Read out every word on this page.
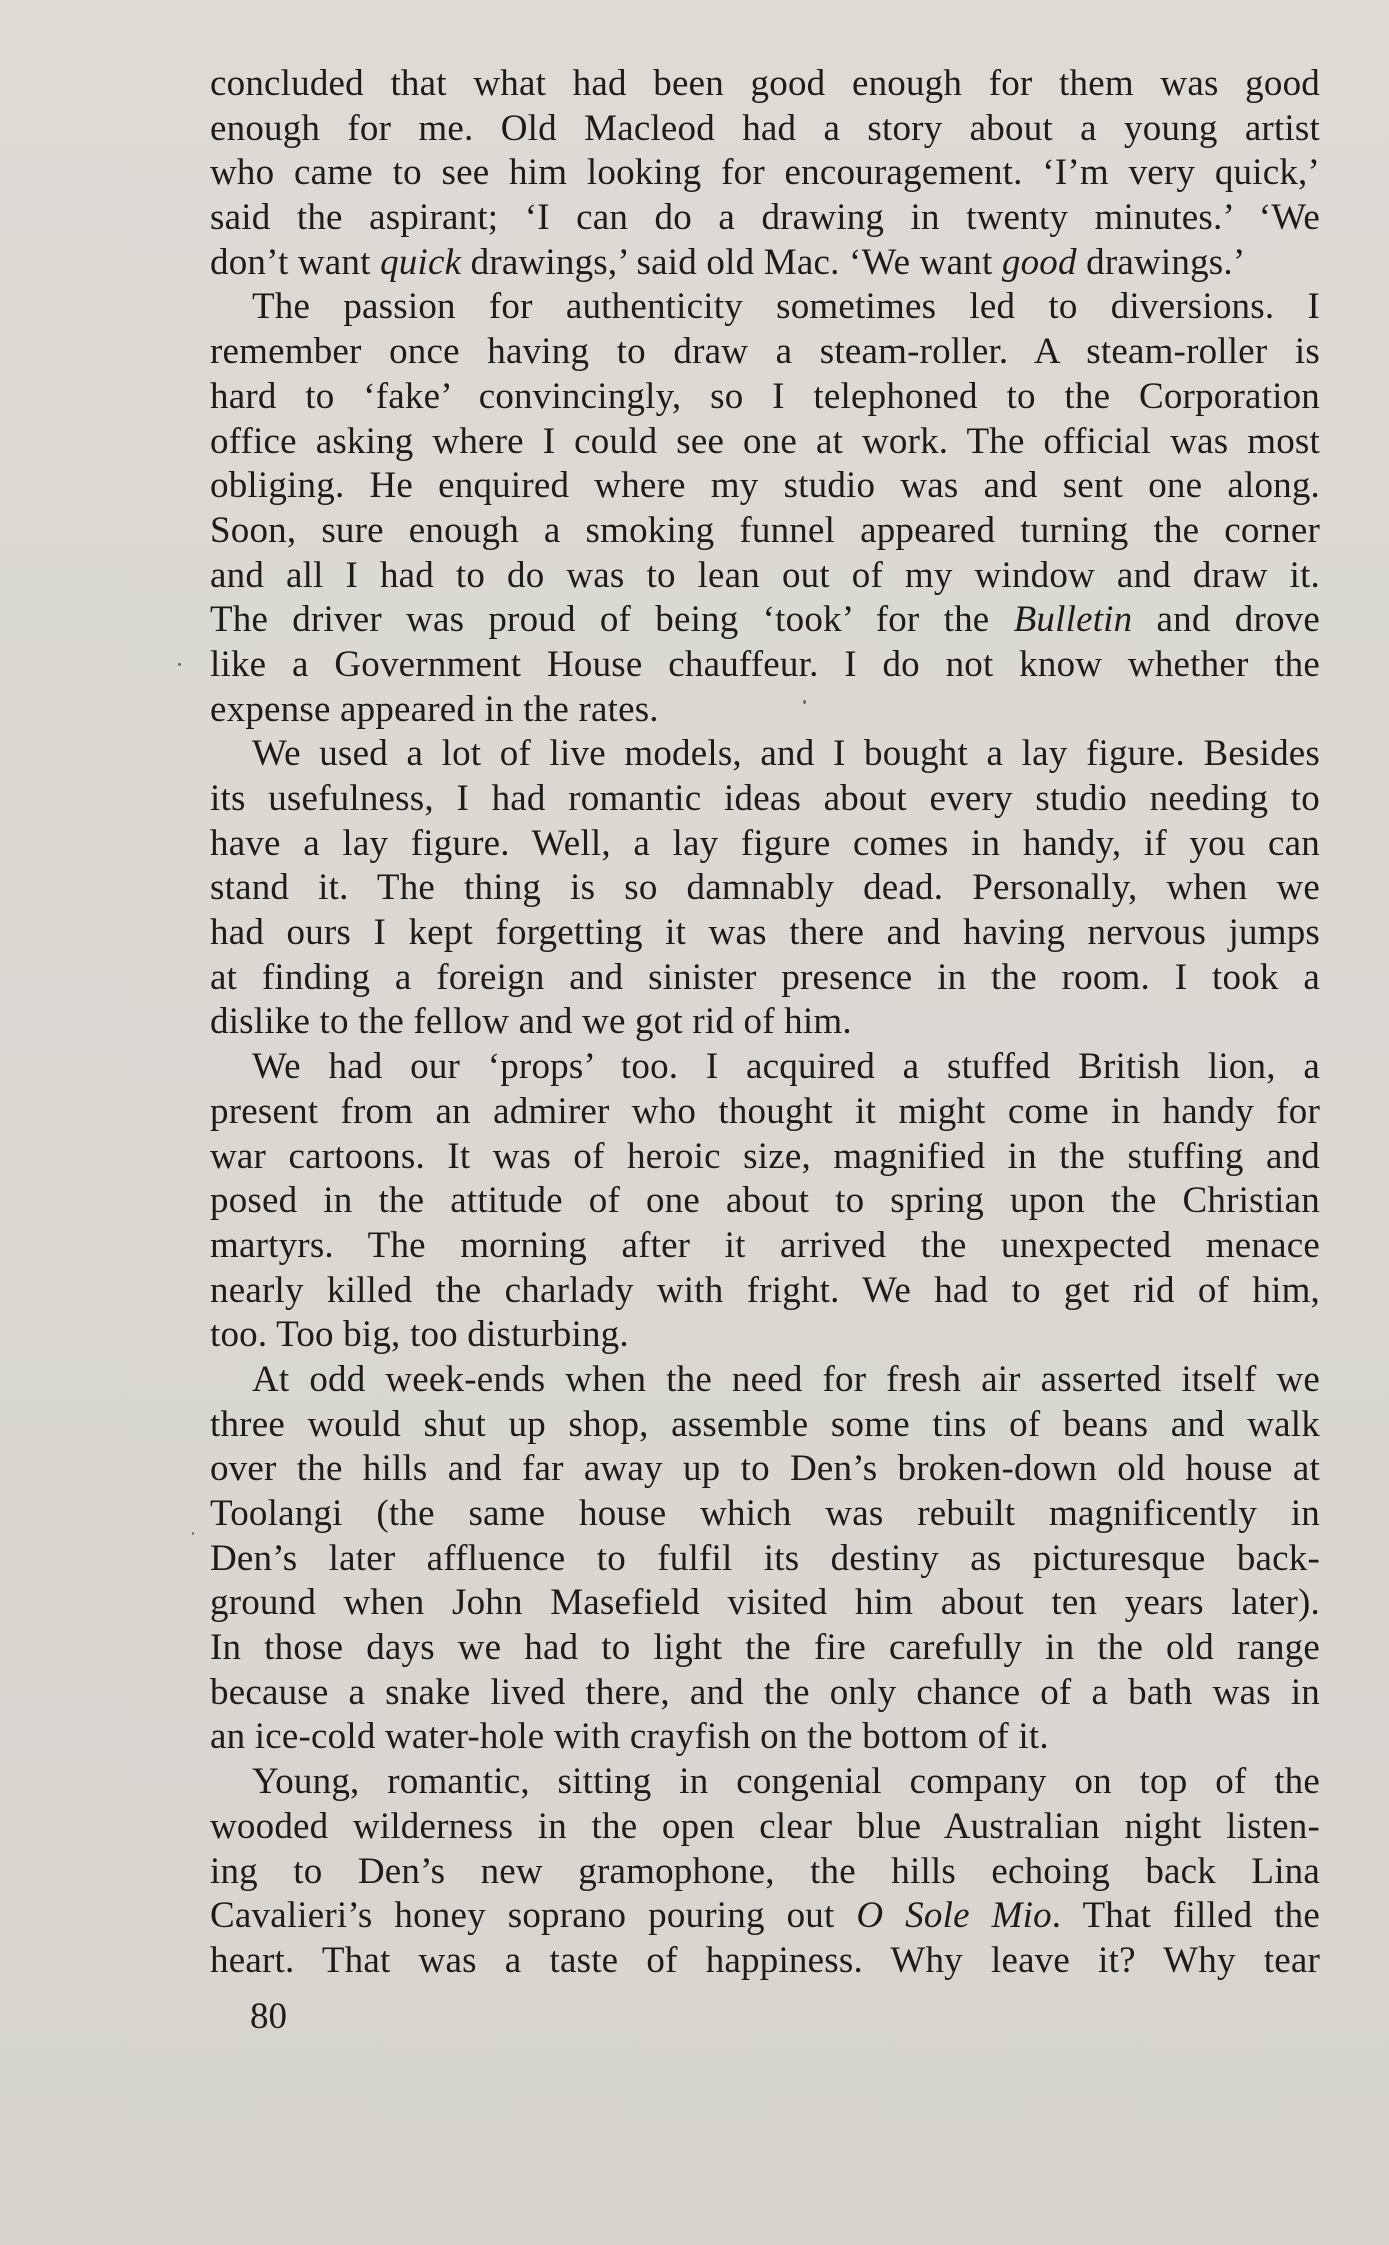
concluded that what had been good enough for them was good
enough for me. Old Macleod had a story about a young artist
who came to see him looking for encouragement. ‘I’m very quick,’
said the aspirant; ‘I can do a drawing in twenty minutes.’ ‘We
don’t want quick drawings,’ said old Mac. ‘We want good drawings.’
The passion for authenticity sometimes led to diversions. I
remember once having to draw a steam-roller. A steam-roller is
hard to ‘fake’ convincingly, so I telephoned to the Corporation
office asking where I could see one at work. The official was most
obliging. He enquired where my studio was and sent one along.
Soon, sure enough a smoking funnel appeared turning the corner
and all I had to do was to lean out of my window and draw it.
The driver was proud of being ‘took’ for the Bulletin and drove
like a Government House chauffeur. I do not know whether the
expense appeared in the rates.
We used a lot of live models, and I bought a lay figure. Besides
its usefulness, I had romantic ideas about every studio needing to
have a lay figure. Well, a lay figure comes in handy, if you can
stand it. The thing is so damnably dead. Personally, when we
had ours I kept forgetting it was there and having nervous jumps
at finding a foreign and sinister presence in the room. I took a
dislike to the fellow and we got rid of him.
We had our ‘props’ too. I acquired a stuffed British lion, a
present from an admirer who thought it might come in handy for
war cartoons. It was of heroic size, magnified in the stuffing and
posed in the attitude of one about to spring upon the Christian
martyrs. The morning after it arrived the unexpected menace
nearly killed the charlady with fright. We had to get rid of him,
too. Too big, too disturbing.
At odd week-ends when the need for fresh air asserted itself we
three would shut up shop, assemble some tins of beans and walk
over the hills and far away up to Den’s broken-down old house at
Toolangi (the same house which was rebuilt magnificently in
Den’s later affluence to fulfil its destiny as picturesque back-
ground when John Masefield visited him about ten years later).
In those days we had to light the fire carefully in the old range
because a snake lived there, and the only chance of a bath was in
an ice-cold water-hole with crayfish on the bottom of it.
Young, romantic, sitting in congenial company on top of the
wooded wilderness in the open clear blue Australian night listen-
ing to Den’s new gramophone, the hills echoing back Lina
Cavalieri’s honey soprano pouring out O Sole Mio. That filled the
heart. That was a taste of happiness. Why leave it? Why tear
80
